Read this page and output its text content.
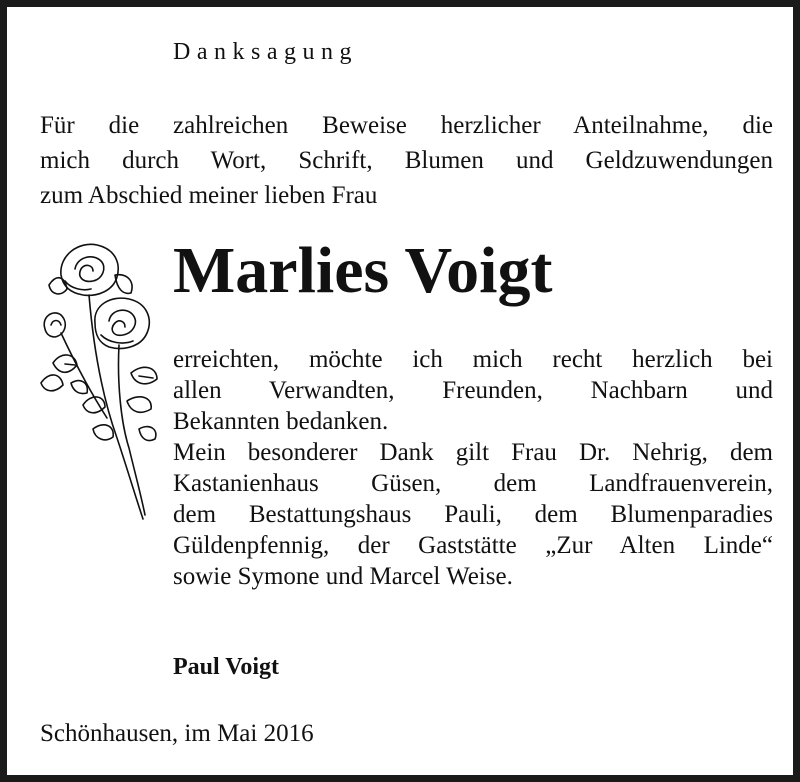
Danksagung

Für die zahlreichen Beweise herzlicher Anteilnahme, die
mich durch Wort, Schrift, Blumen und Geldzuwendungen
zum Abschied meiner lieben Frau

Marlies Voigt

erreichten, möchte ich mich recht herzlich bei
allen Verwandten, Freunden, Nachbarn und
Bekannten bedanken.
Mein besonderer Dank gilt Frau Dr. Nehrig, dem
Kastanienhaus Güsen, dem Landfrauenverein,
dem Bestattungshaus Pauli, dem Blumenparadies
Güldenpfennig, der Gaststätte „Zur Alten Linde“
sowie Symone und Marcel Weise.

Paul Voigt
Schönhausen, im Mai 2016
